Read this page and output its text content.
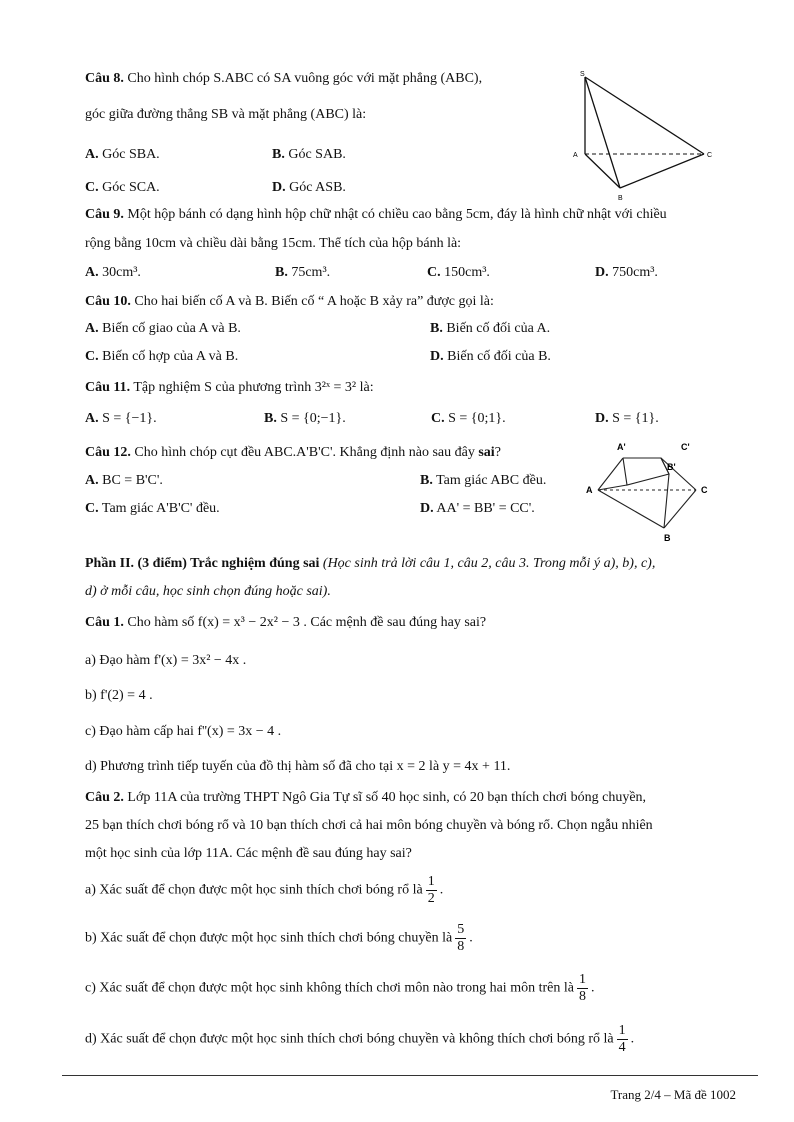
Câu 8. Cho hình chóp S.ABC có SA vuông góc với mặt phẳng (ABC),
góc giữa đường thẳng SB và mặt phẳng (ABC) là:
A. Góc SBA.	B. Góc SAB.
C. Góc SCA.	D. Góc ASB.
S
A
B
C
Câu 9. Một hộp bánh có dạng hình hộp chữ nhật có chiều cao bằng 5cm, đáy là hình chữ nhật với chiều
rộng bằng 10cm và chiều dài bằng 15cm. Thể tích của hộp bánh là:
A. 30cm³.	B. 75cm³.	C. 150cm³.	D. 750cm³.
Câu 10. Cho hai biến cố A và B. Biến cố “ A hoặc B xảy ra” được gọi là:
A. Biến cố giao của A và B.	B. Biến cố đối của A.
C. Biến cố hợp của A và B.	D. Biến cố đối của B.
Câu 11. Tập nghiệm S của phương trình 3²ˣ = 3² là:
A. S = {−1}.	B. S = {0;−1}.	C. S = {0;1}.	D. S = {1}.
Câu 12. Cho hình chóp cụt đều ABC.A'B'C'. Khẳng định nào sau đây sai?
A. BC = B'C'.	B. Tam giác ABC đều.
C. Tam giác A'B'C' đều.	D. AA' = BB' = CC'.
A'	C'
B'
A	C
B
Phần II. (3 điểm) Trắc nghiệm đúng sai (Học sinh trả lời câu 1, câu 2, câu 3. Trong mỗi ý a), b), c),
d) ở mỗi câu, học sinh chọn đúng hoặc sai).
Câu 1. Cho hàm số f(x) = x³ − 2x² − 3 . Các mệnh đề sau đúng hay sai?
a) Đạo hàm f'(x) = 3x² − 4x .
b) f'(2) = 4 .
c) Đạo hàm cấp hai f''(x) = 3x − 4 .
d) Phương trình tiếp tuyến của đồ thị hàm số đã cho tại x = 2 là y = 4x + 11.
Câu 2. Lớp 11A của trường THPT Ngô Gia Tự sĩ số 40 học sinh, có 20 bạn thích chơi bóng chuyền,
25 bạn thích chơi bóng rổ và 10 bạn thích chơi cả hai môn bóng chuyền và bóng rổ. Chọn ngẫu nhiên
một học sinh của lớp 11A. Các mệnh đề sau đúng hay sai?
a) Xác suất để chọn được một học sinh thích chơi bóng rổ là $\frac{1}{2}$ .
b) Xác suất để chọn được một học sinh thích chơi bóng chuyền là $\frac{5}{8}$ .
c) Xác suất để chọn được một học sinh không thích chơi môn nào trong hai môn trên là $\frac{1}{8}$ .
d) Xác suất để chọn được một học sinh thích chơi bóng chuyền và không thích chơi bóng rổ là $\frac{1}{4}$ .
Trang 2/4 – Mã đề 1002
